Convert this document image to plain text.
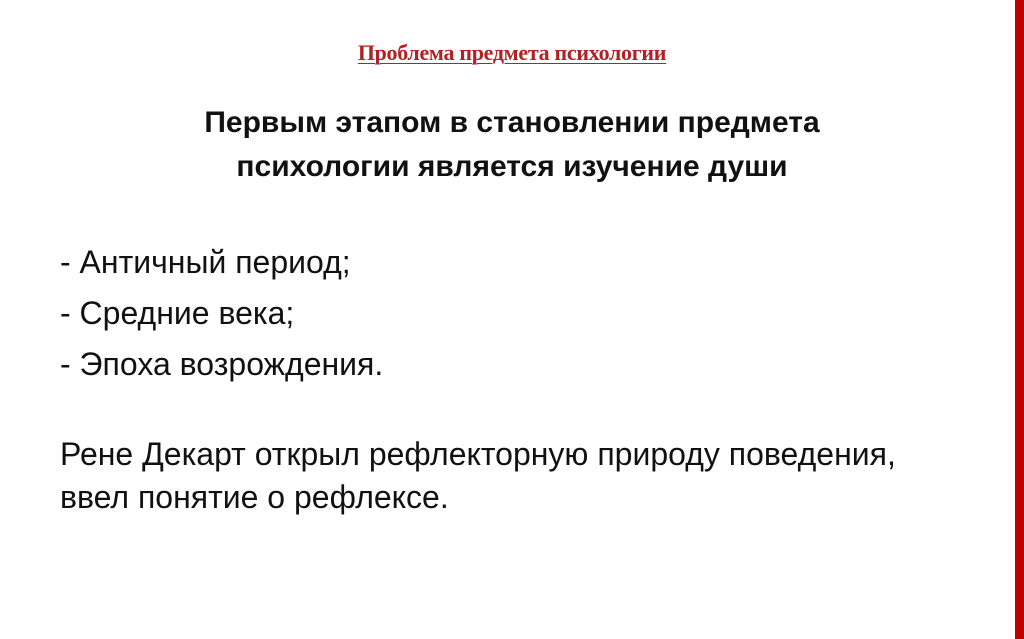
Проблема предмета психологии
Первым этапом в становлении предмета
психологии является изучение души
- Античный период;
- Средние века;
- Эпоха возрождения.
Рене Декарт открыл рефлекторную природу поведения,
ввел понятие о рефлексе.
